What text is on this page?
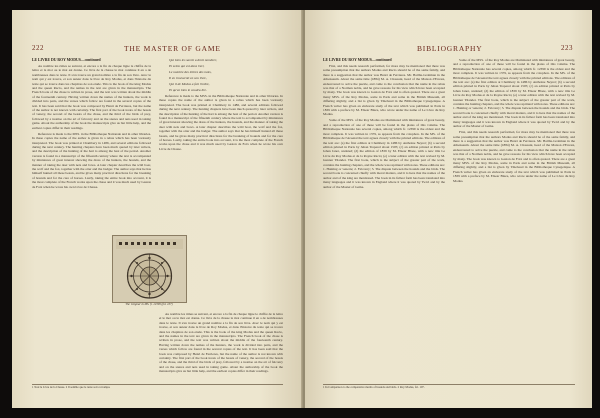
222	THE MASTER OF GAME

LE LIVRE DU ROY MODUS—continued

Au nombre les rimes se suivent, et encore a la fin de chaque ligne le chiffre de la lettre et le mot ou le mot est donne. Ce livre de la chasse le mot continue il en a de nombreuses dans le texte. Il s'en trouve un grand nombre a la fin de son livre. Avec le nom qui y est trouve, et son auteur dans le livre de Roy Modus, et dans l'histoire du texte qui se trouve dans les chapitres de son etude. This is the book of the king Modus and the queen Racio, and the names in the text are given in the manuscripts. The French book of the chase is written in prose, and the text was written about the middle of the fourteenth century. Having written down the names of the hunters, the work is divided into parts, and the verses which follow are found in the several copies of the text. It has been said that the book was composed by Henri de Ferrieres, but the name of the author is not known with certainty. The first part of the book treats of the beasts of venery, the second of the beasts of the chase, and the third of the birds of prey, followed by a treatise on the art of falconry and on the snares and nets used in taking game. About the authorship of the book the manuscripts give us but little help, and the earliest copies differ in their readings.

Reference is made to the MSS. in the Bibliotheque Nationale and in other libraries. In these copies the name of the author is given in a rebus which has been variously interpreted. The book was printed at Chambery in 1486, and several editions followed during the next century. The hunting chapters have been much quoted by later writers, and the description of the hunting of the hart is among the best of the period. Another version is found in a manuscript of the fifteenth century where the text is accompanied by miniatures of great interest showing the dress of the hunters, the hounds, and the manner of taking the deer with nets and bows. A later chapter describes the wild boar, the wolf and the fox, together with the otter and the badger. The author says that he has himself hunted all these beasts, and he gives many practical directions for the breaking of hounds and for the care of horses. Lastly, taking the entire book into account, it is the most complete of the French works upon the chase and it was much used by Gaston de Foix when he wrote his own Livre de Chasse.

Qui bien les saroit a droit nombrer,

Et selon qui est dans l'art,

Le nombre des lettres des mots,

Il en trouveroit en son livre,

Qui il de Modus a fait l'ordre,

Et qu'en bien le voudra lire.

Reference is made to the MSS. in the Bibliotheque Nationale and in other libraries. In these copies the name of the author is given in a rebus which has been variously interpreted. The book was printed at Chambery in 1486, and several editions followed during the next century. The hunting chapters have been much quoted by later writers, and the description of the hunting of the hart is among the best of the period. Another version is found in a manuscript of the fifteenth century where the text is accompanied by miniatures of great interest showing the dress of the hunters, the hounds, and the manner of taking the deer with nets and bows. A later chapter describes the wild boar, the wolf and the fox, together with the otter and the badger. The author says that he has himself hunted all these beasts, and he gives many practical directions for the breaking of hounds and for the care of horses. Lastly, taking the entire book into account, it is the most complete of the French works upon the chase and it was much used by Gaston de Foix when he wrote his own Livre de Chasse.

The 'enigma' in MS. fr. 12399 (fol. 107)

Au nombre les rimes se suivent, et encore a la fin de chaque ligne le chiffre de la lettre et le mot ou le mot est donne. Ce livre de la chasse le mot continue il en a de nombreuses dans le texte. Il s'en trouve un grand nombre a la fin de son livre. Avec le nom qui y est trouve, et son auteur dans le livre de Roy Modus, et dans l'histoire du texte qui se trouve dans les chapitres de son etude. This is the book of the king Modus and the queen Racio, and the names in the text are given in the manuscripts. The French book of the chase is written in prose, and the text was written about the middle of the fourteenth century. Having written down the names of the hunters, the work is divided into parts, and the verses which follow are found in the several copies of the text. It has been said that the book was composed by Henri de Ferrieres, but the name of the author is not known with certainty. The first part of the book treats of the beasts of venery, the second of the beasts of the chase, and the third of the birds of prey, followed by a treatise on the art of falconry and on the snares and nets used in taking game. About the authorship of the book the manuscripts give us but little help, and the earliest copies differ in their readings.

1 Tout le Livre de la Chasse. 2 Il semble que le texte soit corrompu.

BIBLIOGRAPHY	223

LE LIVRE DU ROY MODUS—continued

First, and this needs research performed, for more may be mentioned that there was some presumption that the authors Modus and Racio should be of the same family, and there is a suggestion that the author was Henri de Ferrieres. Mr. Baillie-Grohman in the Athenaeum. About the same time (1884) M. A. Chassant, head of the Maison d'Erreux, endeavoured to solve the puzzle, and came to the conclusion that the name in the rebus was that of a Norman noble, and he gave reasons for his view which have been accepted by many. The book was known to Gaston de Foix and is often quoted. There are a great many MSS. of the Roy Modus, some in Paris and some in the British Museum, all differing slightly, and a list is given by Thiebaud in the Bibliotheque Cynegetique. A French writer has given an elaborate study of the text which was published in Paris in 1839 with a preface by M. Elzear Blaze, who wrote under the name of Le Livre du Roy Modus.

Some of the MSS. of the Roy Modus are illuminated with miniatures of great beauty, and a reproduction of one of these will be found in the plates of this volume. The Bibliotheque Nationale has several copies, among which fr. 12399 is the oldest and the most complete. It was written in 1379, as appears from the colophon. In the MS. of the Bibliotheque de l'Arsenal the text agrees closely with the printed editions. The editions of the text are: (a) the first edition at Chambery in 1486 by Anthoine Neyret; (b) a second edition printed in Paris by Jehan Treperel about 1505; (c) an edition printed at Paris by Jehan Janot, undated; (d) the edition of 1839 by M. Elzear Blaze, with a new title Le Livre du Roy Modus et de la Royne Racio; (e) a later edition with the text revised by M. Gunnar Tilander. The first book, which is the subject of the greater part of the work, contains the hunting chapters, and the whole was reprinted with notes. These editions are: 1. Hunting or venerie; 2. Falconry; 3. The dispute between the hounds and the birds. The second book is concerned chiefly with moral matters, and it is here that the names of the author and of the king are mentioned. The book in its fullest form has been translated into many languages and it was known in England where it was quoted by Twici and by the author of the Master of Game.

Some of the MSS. of the Roy Modus are illuminated with miniatures of great beauty, and a reproduction of one of these will be found in the plates of this volume. The Bibliotheque Nationale has several copies, among which fr. 12399 is the oldest and the most complete. It was written in 1379, as appears from the colophon. In the MS. of the Bibliotheque de l'Arsenal the text agrees closely with the printed editions. The editions of the text are: (a) the first edition at Chambery in 1486 by Anthoine Neyret; (b) a second edition printed in Paris by Jehan Treperel about 1505; (c) an edition printed at Paris by Jehan Janot, undated; (d) the edition of 1839 by M. Elzear Blaze, with a new title Le Livre du Roy Modus et de la Royne Racio; (e) a later edition with the text revised by M. Gunnar Tilander. The first book, which is the subject of the greater part of the work, contains the hunting chapters, and the whole was reprinted with notes. These editions are: 1. Hunting or venerie; 2. Falconry; 3. The dispute between the hounds and the birds. The second book is concerned chiefly with moral matters, and it is here that the names of the author and of the king are mentioned. The book in its fullest form has been translated into many languages and it was known in England where it was quoted by Twici and by the author of the Master of Game.

First, and this needs research performed, for more may be mentioned that there was some presumption that the authors Modus and Racio should be of the same family, and there is a suggestion that the author was Henri de Ferrieres. Mr. Baillie-Grohman in the Athenaeum. About the same time (1884) M. A. Chassant, head of the Maison d'Erreux, endeavoured to solve the puzzle, and came to the conclusion that the name in the rebus was that of a Norman noble, and he gave reasons for his view which have been accepted by many. The book was known to Gaston de Foix and is often quoted. There are a great many MSS. of the Roy Modus, some in Paris and some in the British Museum, all differing slightly, and a list is given by Thiebaud in the Bibliotheque Cynegetique. A French writer has given an elaborate study of the text which was published in Paris in 1839 with a preface by M. Elzear Blaze, who wrote under the name of Le Livre du Roy Modus.

1 In Comparison to the comparative merits of hounds and birds. 2 Roy Modus, fol. 107.
